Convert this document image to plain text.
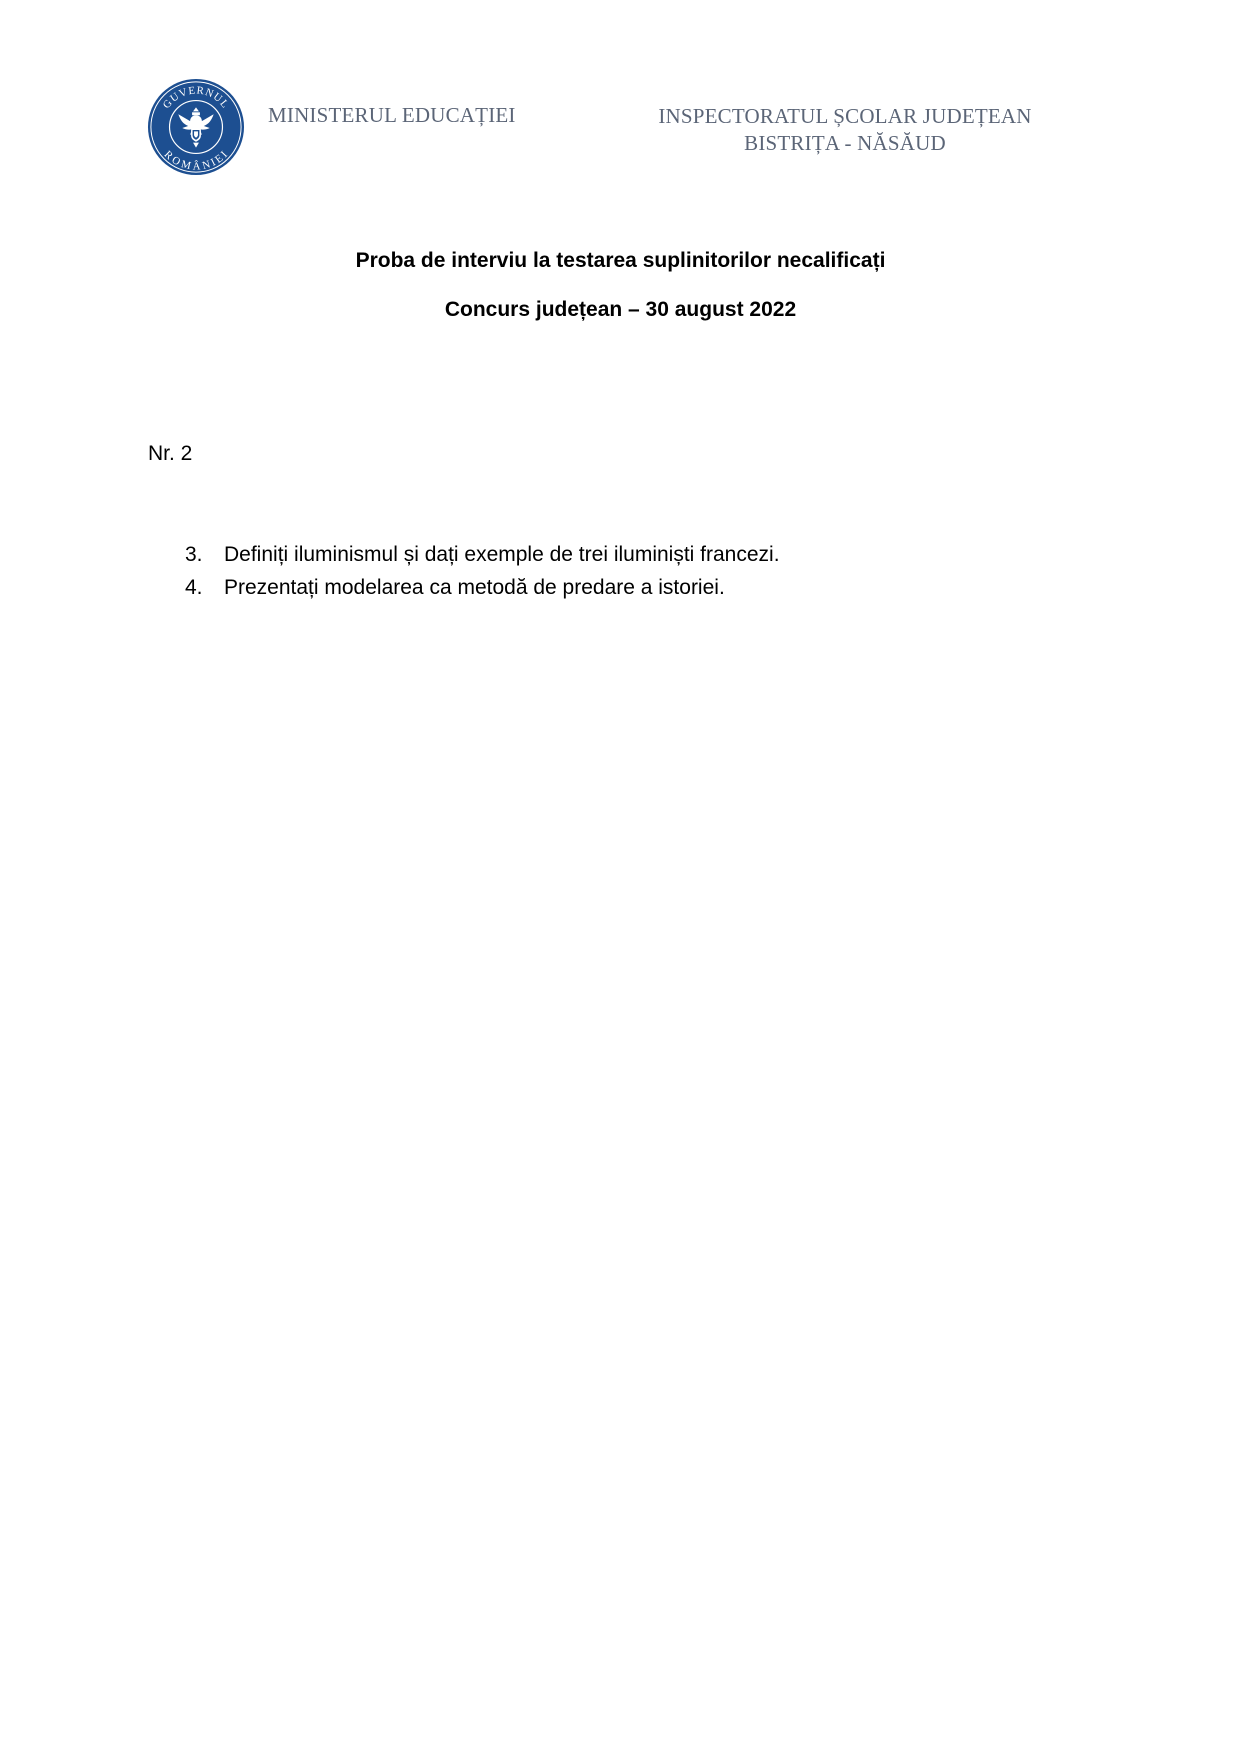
GUVERNUL
ROMÂNIEI
MINISTERUL EDUCAȚIEI	INSPECTORATUL ȘCOLAR JUDEȚEAN
BISTRIȚA - NĂSĂUD
Proba de interviu la testarea suplinitorilor necalificați
Concurs județean – 30 august 2022
Nr. 2
3. Definiți iluminismul și dați exemple de trei iluminiști francezi.
4. Prezentați modelarea ca metodă de predare a istoriei.
